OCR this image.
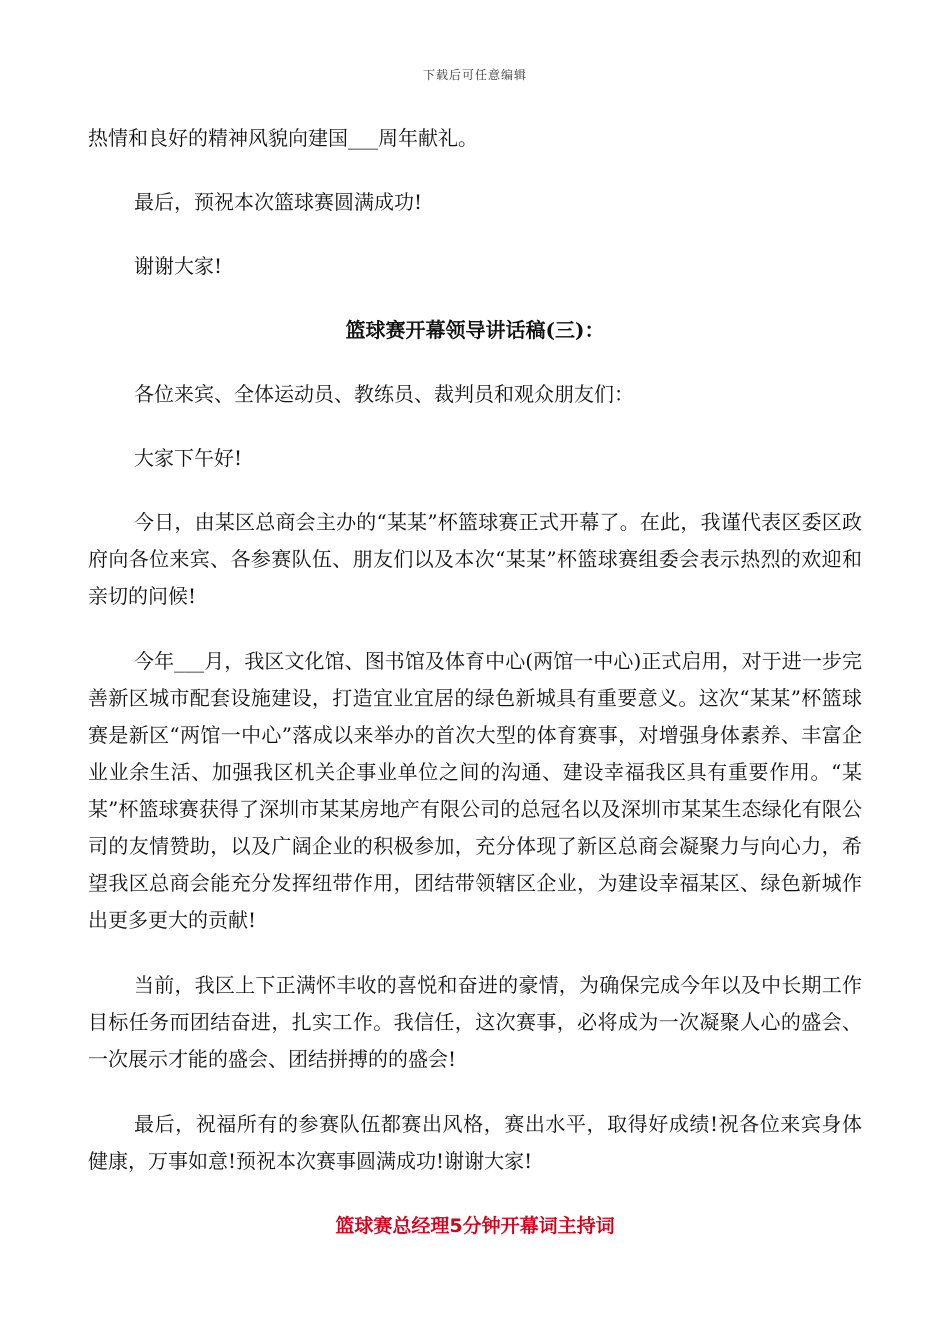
下载后可任意编辑

热情和良好的精神风貌向建国___周年献礼。

最后，预祝本次篮球赛圆满成功!

谢谢大家!

篮球赛开幕领导讲话稿(三)：

各位来宾、全体运动员、教练员、裁判员和观众朋友们：

大家下午好!

今日，由某区总商会主办的“某某”杯篮球赛正式开幕了。在此，我谨代表区委区政府向各位来宾、各参赛队伍、朋友们以及本次“某某”杯篮球赛组委会表示热烈的欢迎和亲切的问候!

今年___月，我区文化馆、图书馆及体育中心(两馆一中心)正式启用，对于进一步完善新区城市配套设施建设，打造宜业宜居的绿色新城具有重要意义。这次“某某”杯篮球赛是新区“两馆一中心”落成以来举办的首次大型的体育赛事，对增强身体素养、丰富企业业余生活、加强我区机关企事业单位之间的沟通、建设幸福我区具有重要作用。“某某”杯篮球赛获得了深圳市某某房地产有限公司的总冠名以及深圳市某某生态绿化有限公司的友情赞助，以及广阔企业的积极参加，充分体现了新区总商会凝聚力与向心力，希望我区总商会能充分发挥纽带作用，团结带领辖区企业，为建设幸福某区、绿色新城作出更多更大的贡献!

当前，我区上下正满怀丰收的喜悦和奋进的豪情，为确保完成今年以及中长期工作目标任务而团结奋进，扎实工作。我信任，这次赛事，必将成为一次凝聚人心的盛会、一次展示才能的盛会、团结拼搏的的盛会!

最后，祝福所有的参赛队伍都赛出风格，赛出水平，取得好成绩!祝各位来宾身体健康，万事如意!预祝本次赛事圆满成功!谢谢大家!

篮球赛总经理5分钟开幕词主持词
